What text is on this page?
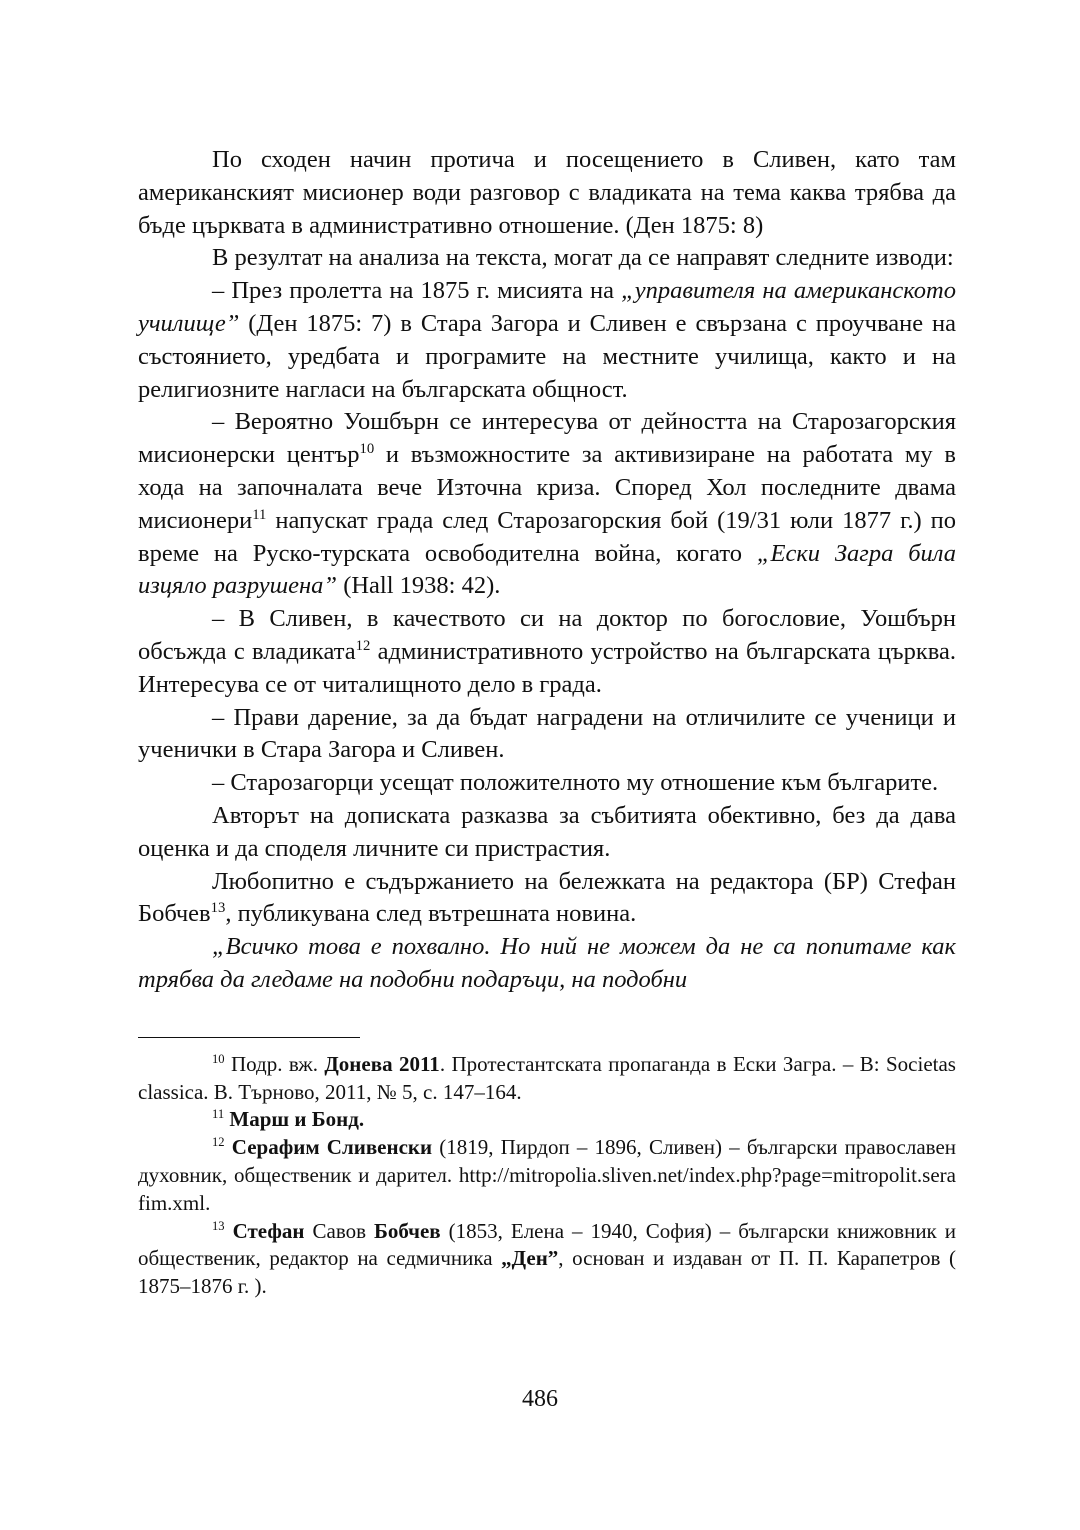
По сходен начин протича и посещението в Сливен, като там американският мисионер води разговор с владиката на тема каква трябва да бъде църквата в административно отношение. (Ден 1875: 8)

В резултат на анализа на текста, могат да се направят следните изводи:

– През пролетта на 1875 г. мисията на „управителя на американското училище” (Ден 1875: 7) в Стара Загора и Сливен е свързана с проучване на състоянието, уредбата и програмите на местните училища, както и на религиозните нагласи на българската общност.

– Вероятно Уошбърн се интересува от дейността на Старозагорския мисионерски център$^{10}$ и възможностите за активизиране на работата му в хода на започналата вече Източна криза. Според Хол последните двама мисионери$^{11}$ напускат града след Старозагорския бой (19/31 юли 1877 г.) по време на Руско-турската освободителна война, когато „Ески Загра била изцяло разрушена” (Hall 1938: 42).

– В Сливен, в качеството си на доктор по богословие, Уошбърн обсъжда с владиката$^{12}$ административното устройство на българската църква. Интересува се от читалищното дело в града.

– Прави дарение, за да бъдат наградени на отличилите се ученици и ученички в Стара Загора и Сливен.

– Старозагорци усещат положителното му отношение към българите.

Авторът на дописката разказва за събитията обективно, без да дава оценка и да споделя личните си пристрастия.

Любопитно е съдържанието на бележката на редактора (БР) Стефан Бобчев$^{13}$, публикувана след вътрешната новина.

„Всичко това е похвално. Но ний не можем да не са попитаме как трябва да гледаме на подобни подаръци, на подобни

$^{10}$ Подр. вж. Донева 2011. Протестантската пропаганда в Ески Загра. – В: Societas classica. В. Търново, 2011, № 5, с. 147–164.

$^{11}$ Марш и Бонд.

$^{12}$ Серафим Сливенски (1819, Пирдоп – 1896, Сливен) – български православен духовник, общественик и дарител. http://mitropolia.sliven.net/index.php?page=mitropolit.serafim.xml.

$^{13}$ Стефан Савов Бобчев (1853, Елена – 1940, София) – български книжовник и общественик, редактор на седмичника „Ден”, основан и издаван от П. П. Карапетров ( 1875–1876 г. ).

486
